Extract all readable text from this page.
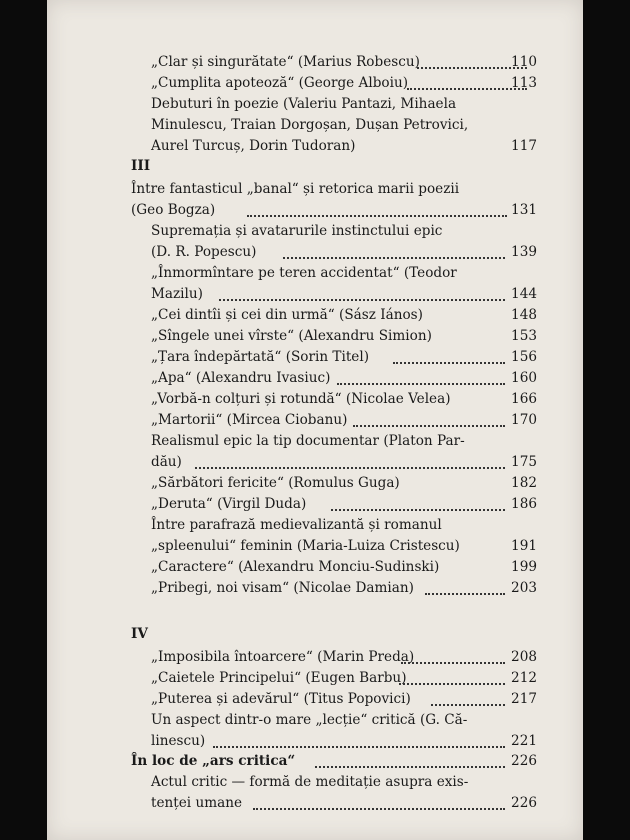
„Clar și singurătate“ (Marius Robescu)	110
„Cumplita apoteoză“ (George Alboiu)	113
Debuturi în poezie (Valeriu Pantazi, Mihaela
Minulescu, Traian Dorgoșan, Dușan Petrovici,
Aurel Turcuș, Dorin Tudoran)	117
III
Între fantasticul „banal“ și retorica marii poezii
(Geo Bogza)	131
Supremația și avatarurile instinctului epic
(D. R. Popescu)	139
„Înmormîntare pe teren accidentat“ (Teodor
Mazilu)	144
„Cei dintîi și cei din urmă“ (Sász Iános)	148
„Sîngele unei vîrste“ (Alexandru Simion)	153
„Țara îndepărtată“ (Sorin Titel)	156
„Apa“ (Alexandru Ivasiuc)	160
„Vorbă-n colțuri și rotundă“ (Nicolae Velea)	166
„Martorii“ (Mircea Ciobanu)	170
Realismul epic la tip documentar (Platon Par-
dău)	175
„Sărbători fericite“ (Romulus Guga)	182
„Deruta“ (Virgil Duda)	186
Între parafrază medievalizantă și romanul
„spleenului“ feminin (Maria-Luiza Cristescu)	191
„Caractere“ (Alexandru Monciu-Sudinski)	199
„Pribegi, noi visam“ (Nicolae Damian)	203
IV
„Imposibila întoarcere“ (Marin Preda)	208
„Caietele Principelui“ (Eugen Barbu)	212
„Puterea și adevărul“ (Titus Popovici)	217
Un aspect dintr-o mare „lecție“ critică (G. Că-
linescu)	221
În loc de „ars critica“	226
Actul critic — formă de meditație asupra exis-
tenței umane	226
